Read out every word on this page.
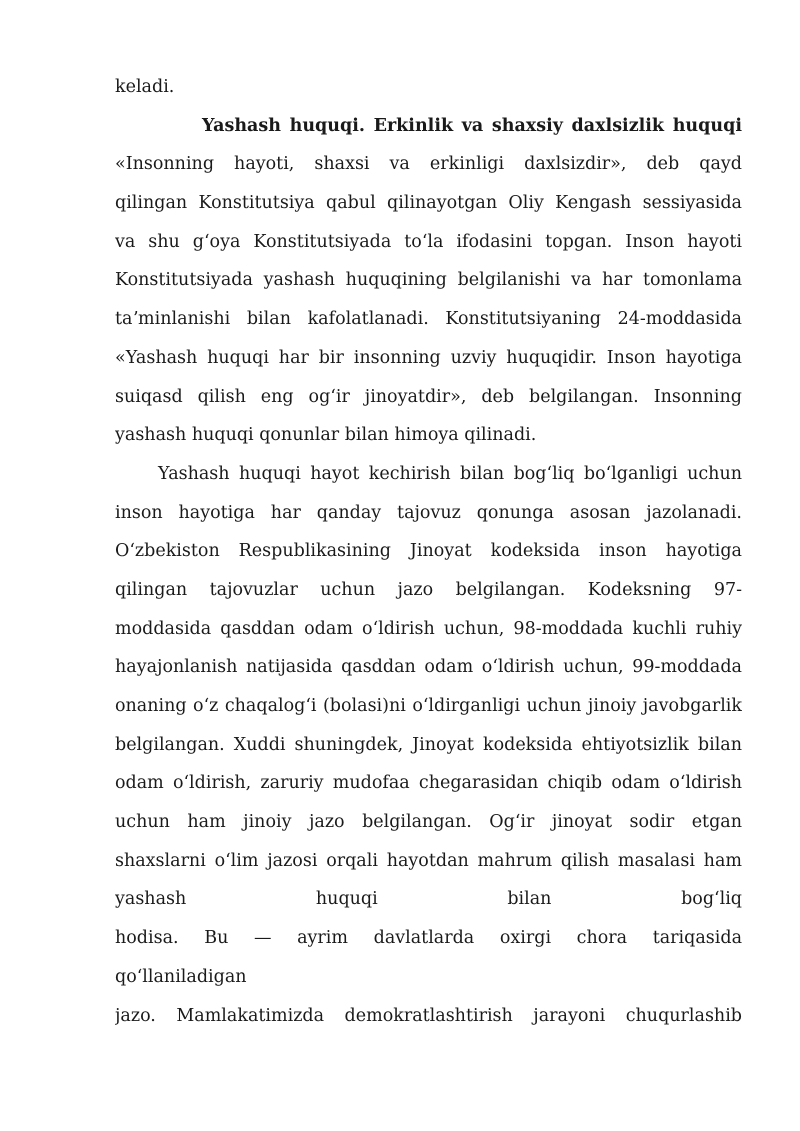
keladi.
Yashash huquqi. Erkinlik va shaxsiy daxlsizlik huquqi
«Insonning hayoti, shaxsi va erkinligi daxlsizdir», deb qayd
qilingan Konstitutsiya qabul qilinayotgan Oliy Kengash sessiyasida
va shu gʻoya Konstitutsiyada toʻla ifodasini topgan. Inson hayoti
Konstitutsiyada yashash huquqining belgilanishi va har tomonlama
taʼminlanishi bilan kafolatlanadi. Konstitutsiyaning 24-moddasida
«Yashash huquqi har bir insonning uzviy huquqidir. Inson hayotiga
suiqasd qilish eng ogʻir jinoyatdir», deb belgilangan. Insonning
yashash huquqi qonunlar bilan himoya qilinadi.
Yashash huquqi hayot kechirish bilan bogʻliq boʻlganligi uchun
inson hayotiga har qanday tajovuz qonunga asosan jazolanadi.
Oʻzbekiston Respublikasining Jinoyat kodeksida inson hayotiga
qilingan tajovuzlar uchun jazo belgilangan. Kodeksning 97-
moddasida qasddan odam oʻldirish uchun, 98-moddada kuchli ruhiy
hayajonlanish natijasida qasddan odam oʻldirish uchun, 99-moddada
onaning oʻz chaqalogʻi (bolasi)ni oʻldirganligi uchun jinoiy javobgarlik
belgilangan. Xuddi shuningdek, Jinoyat kodeksida ehtiyotsizlik bilan
odam oʻldirish, zaruriy mudofaa chegarasidan chiqib odam oʻldirish
uchun ham jinoiy jazo belgilangan. Ogʻir jinoyat sodir etgan
shaxslarni oʻlim jazosi orqali hayotdan mahrum qilish masalasi ham
yashash huquqi bilan bogʻliq
hodisa. Bu — ayrim davlatlarda oxirgi chora tariqasida
qoʻllaniladigan
jazo. Mamlakatimizda demokratlashtirish jarayoni chuqurlashib
